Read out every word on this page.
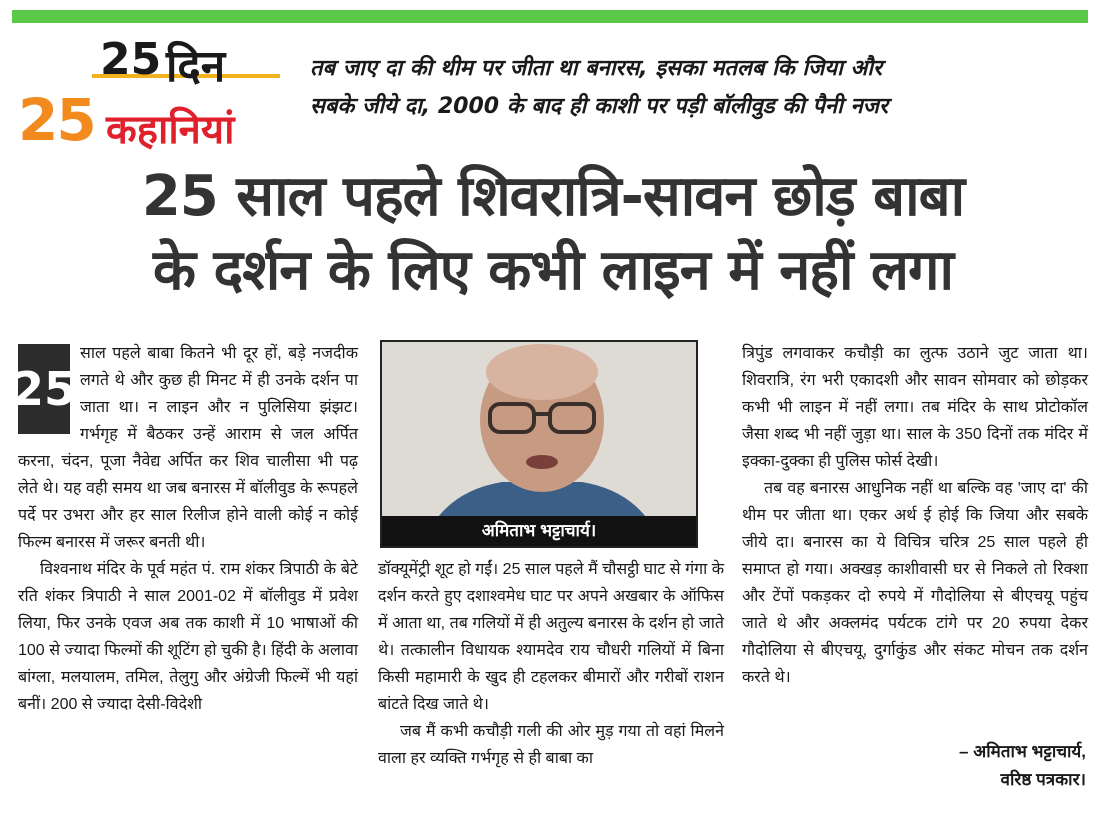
25 दिन
25 कहानियां
तब जाए दा की थीम पर जीता था बनारस, इसका मतलब कि जिया और
सबके जीये दा, 2000 के बाद ही काशी पर पड़ी बॉलीवुड की पैनी नजर
25 साल पहले शिवरात्रि-सावन छोड़ बाबा
के दर्शन के लिए कभी लाइन में नहीं लगा
25

साल पहले बाबा कितने भी दूर हों, बड़े नजदीक लगते थे और कुछ ही मिनट में ही उनके दर्शन पा जाता था। न लाइन और न पुलिसिया झंझट। गर्भगृह में बैठकर उन्हें आराम से जल अर्पित करना, चंदन, पूजा नैवेद्य अर्पित कर शिव चालीसा भी पढ़ लेते थे। यह वही समय था जब बनारस में बॉलीवुड के रूपहले पर्दे पर उभरा और हर साल रिलीज होने वाली कोई न कोई फिल्म बनारस में जरूर बनती थी।

विश्वनाथ मंदिर के पूर्व महंत पं. राम शंकर त्रिपाठी के बेटे रति शंकर त्रिपाठी ने साल 2001-02 में बॉलीवुड में प्रवेश लिया, फिर उनके एवज अब तक काशी में 10 भाषाओं की 100 से ज्यादा फिल्मों की शूटिंग हो चुकी है। हिंदी के अलावा बांग्ला, मलयालम, तमिल, तेलुगु और अंग्रेजी फिल्में भी यहां बनीं। 200 से ज्यादा देसी-विदेशी

अमिताभ भट्टाचार्य।

डॉक्यूमेंट्री शूट हो गईं। 25 साल पहले मैं चौसट्ठी घाट से गंगा के दर्शन करते हुए दशाश्वमेध घाट पर अपने अखबार के ऑफिस में आता था, तब गलियों में ही अतुल्य बनारस के दर्शन हो जाते थे। तत्कालीन विधायक श्यामदेव राय चौधरी गलियों में बिना किसी महामारी के खुद ही टहलकर बीमारों और गरीबों राशन बांटते दिख जाते थे।

जब मैं कभी कचौड़ी गली की ओर मुड़ गया तो वहां मिलने वाला हर व्यक्ति गर्भगृह से ही बाबा का

त्रिपुंड लगवाकर कचौड़ी का लुत्फ उठाने जुट जाता था। शिवरात्रि, रंग भरी एकादशी और सावन सोमवार को छोड़कर कभी भी लाइन में नहीं लगा। तब मंदिर के साथ प्रोटोकॉल जैसा शब्द भी नहीं जुड़ा था। साल के 350 दिनों तक मंदिर में इक्का-दुक्का ही पुलिस फोर्स देखी।

तब वह बनारस आधुनिक नहीं था बल्कि वह 'जाए दा' की थीम पर जीता था। एकर अर्थ ई होई कि जिया और सबके जीये दा। बनारस का ये विचित्र चरित्र 25 साल पहले ही समाप्त हो गया। अक्खड़ काशीवासी घर से निकले तो रिक्शा और टेंपों पकड़कर दो रुपये में गौदोलिया से बीएचयू पहुंच जाते थे और अक्लमंद पर्यटक टांगे पर 20 रुपया देकर गौदोलिया से बीएचयू, दुर्गाकुंड और संकट मोचन तक दर्शन करते थे।

– अमिताभ भट्टाचार्य,
वरिष्ठ पत्रकार।
